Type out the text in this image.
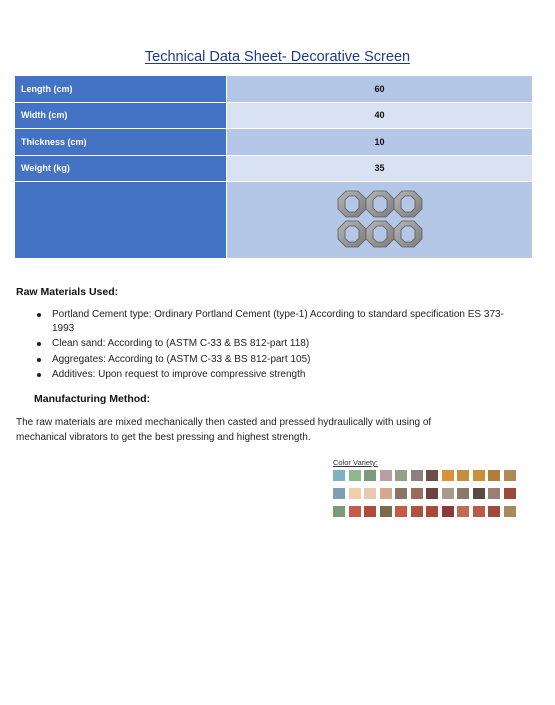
Technical Data Sheet- Decorative Screen
Length (cm)	60
Width (cm)	40
Thickness (cm)	10
Weight (kg)	35

Raw Materials Used:
Portland Cement type: Ordinary Portland Cement (type-1) According to standard specification ES 373-1993
Clean sand: According to (ASTM C-33 & BS 812-part 118)
Aggregates: According to (ASTM C-33 & BS 812-part 105)
Additives: Upon request to improve compressive strength
Manufacturing Method:
The raw materials are mixed mechanically then casted and pressed hydraulically with using of mechanical vibrators to get the best pressing and highest strength.
Color Variety:
